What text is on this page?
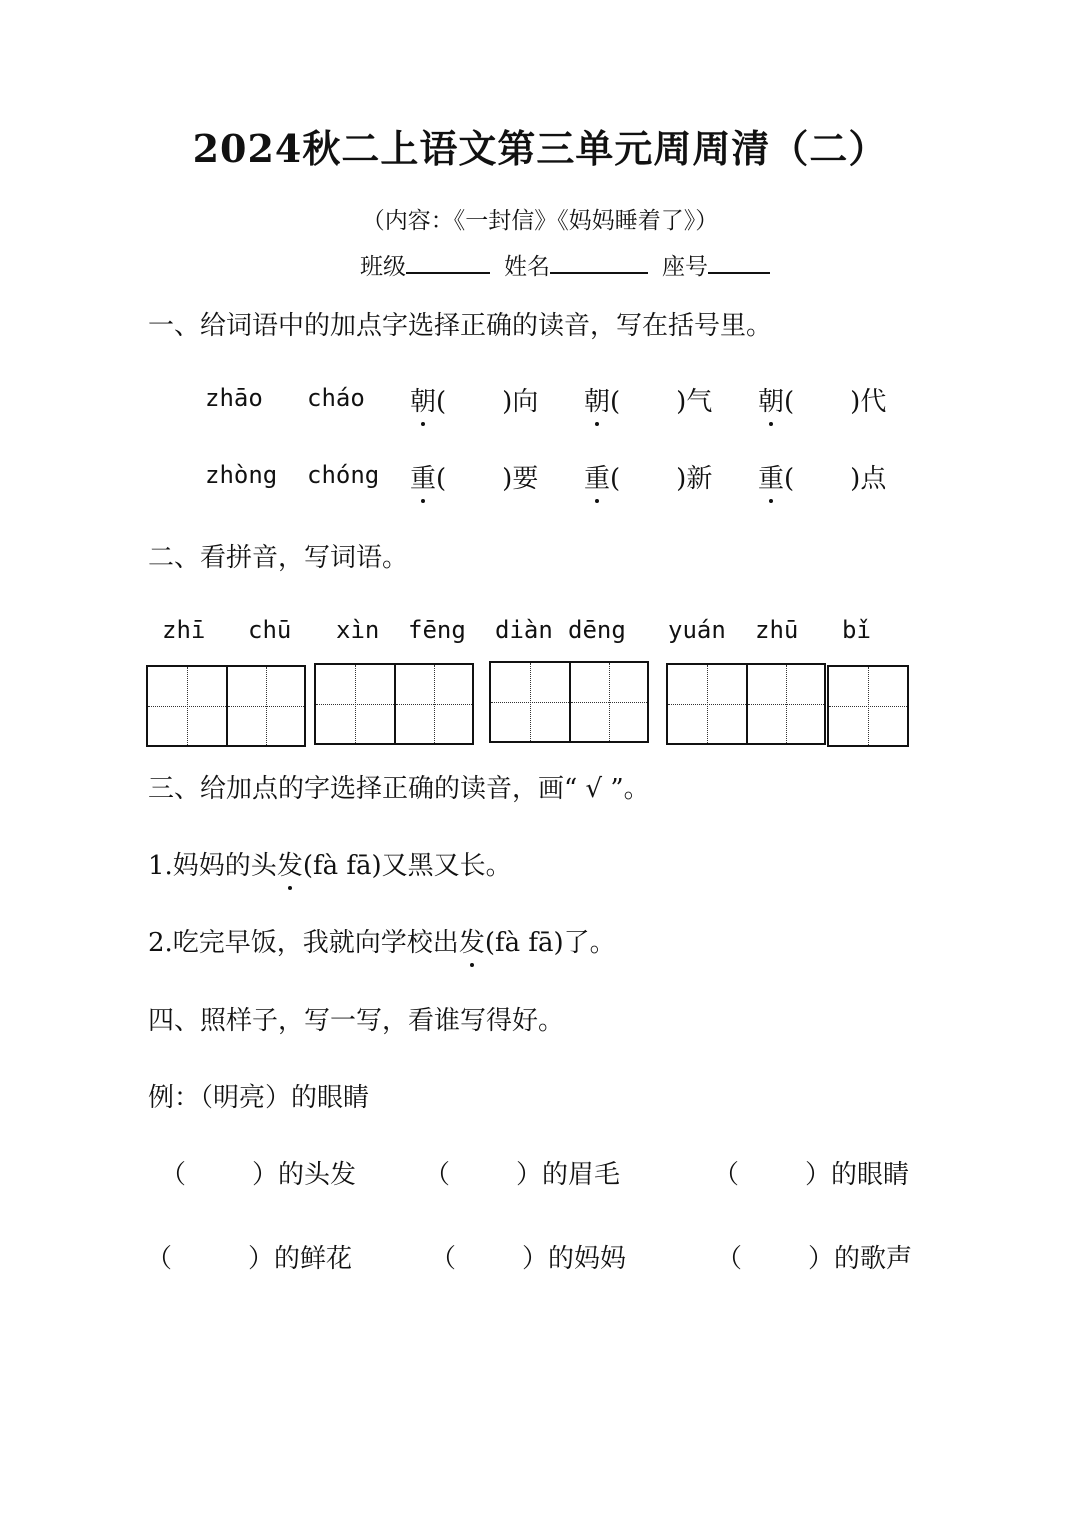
2024秋二上语文第三单元周周清（二）
（内容：《一封信》《妈妈睡着了》）
班级	姓名	座号
一、给词语中的加点字选择正确的读音，写在括号里。
zhāo cháo 朝( )向 朝( )气 朝( )代
zhòng chóng 重( )要 重( )新 重( )点
二、看拼音，写词语。
zhī chū xìn fēng diàn dēng yuán zhū bǐ
三、给加点的字选择正确的读音，画“ √ ”。
1.妈妈的头发(fà fā)又黑又长。
2.吃完早饭，我就向学校出发(fà fā)了。
四、照样子，写一写，看谁写得好。
例：（明亮）的眼睛
（	）的头发	（	）的眉毛	（	）的眼睛
（	）的鲜花	（	）的妈妈	（	）的歌声
